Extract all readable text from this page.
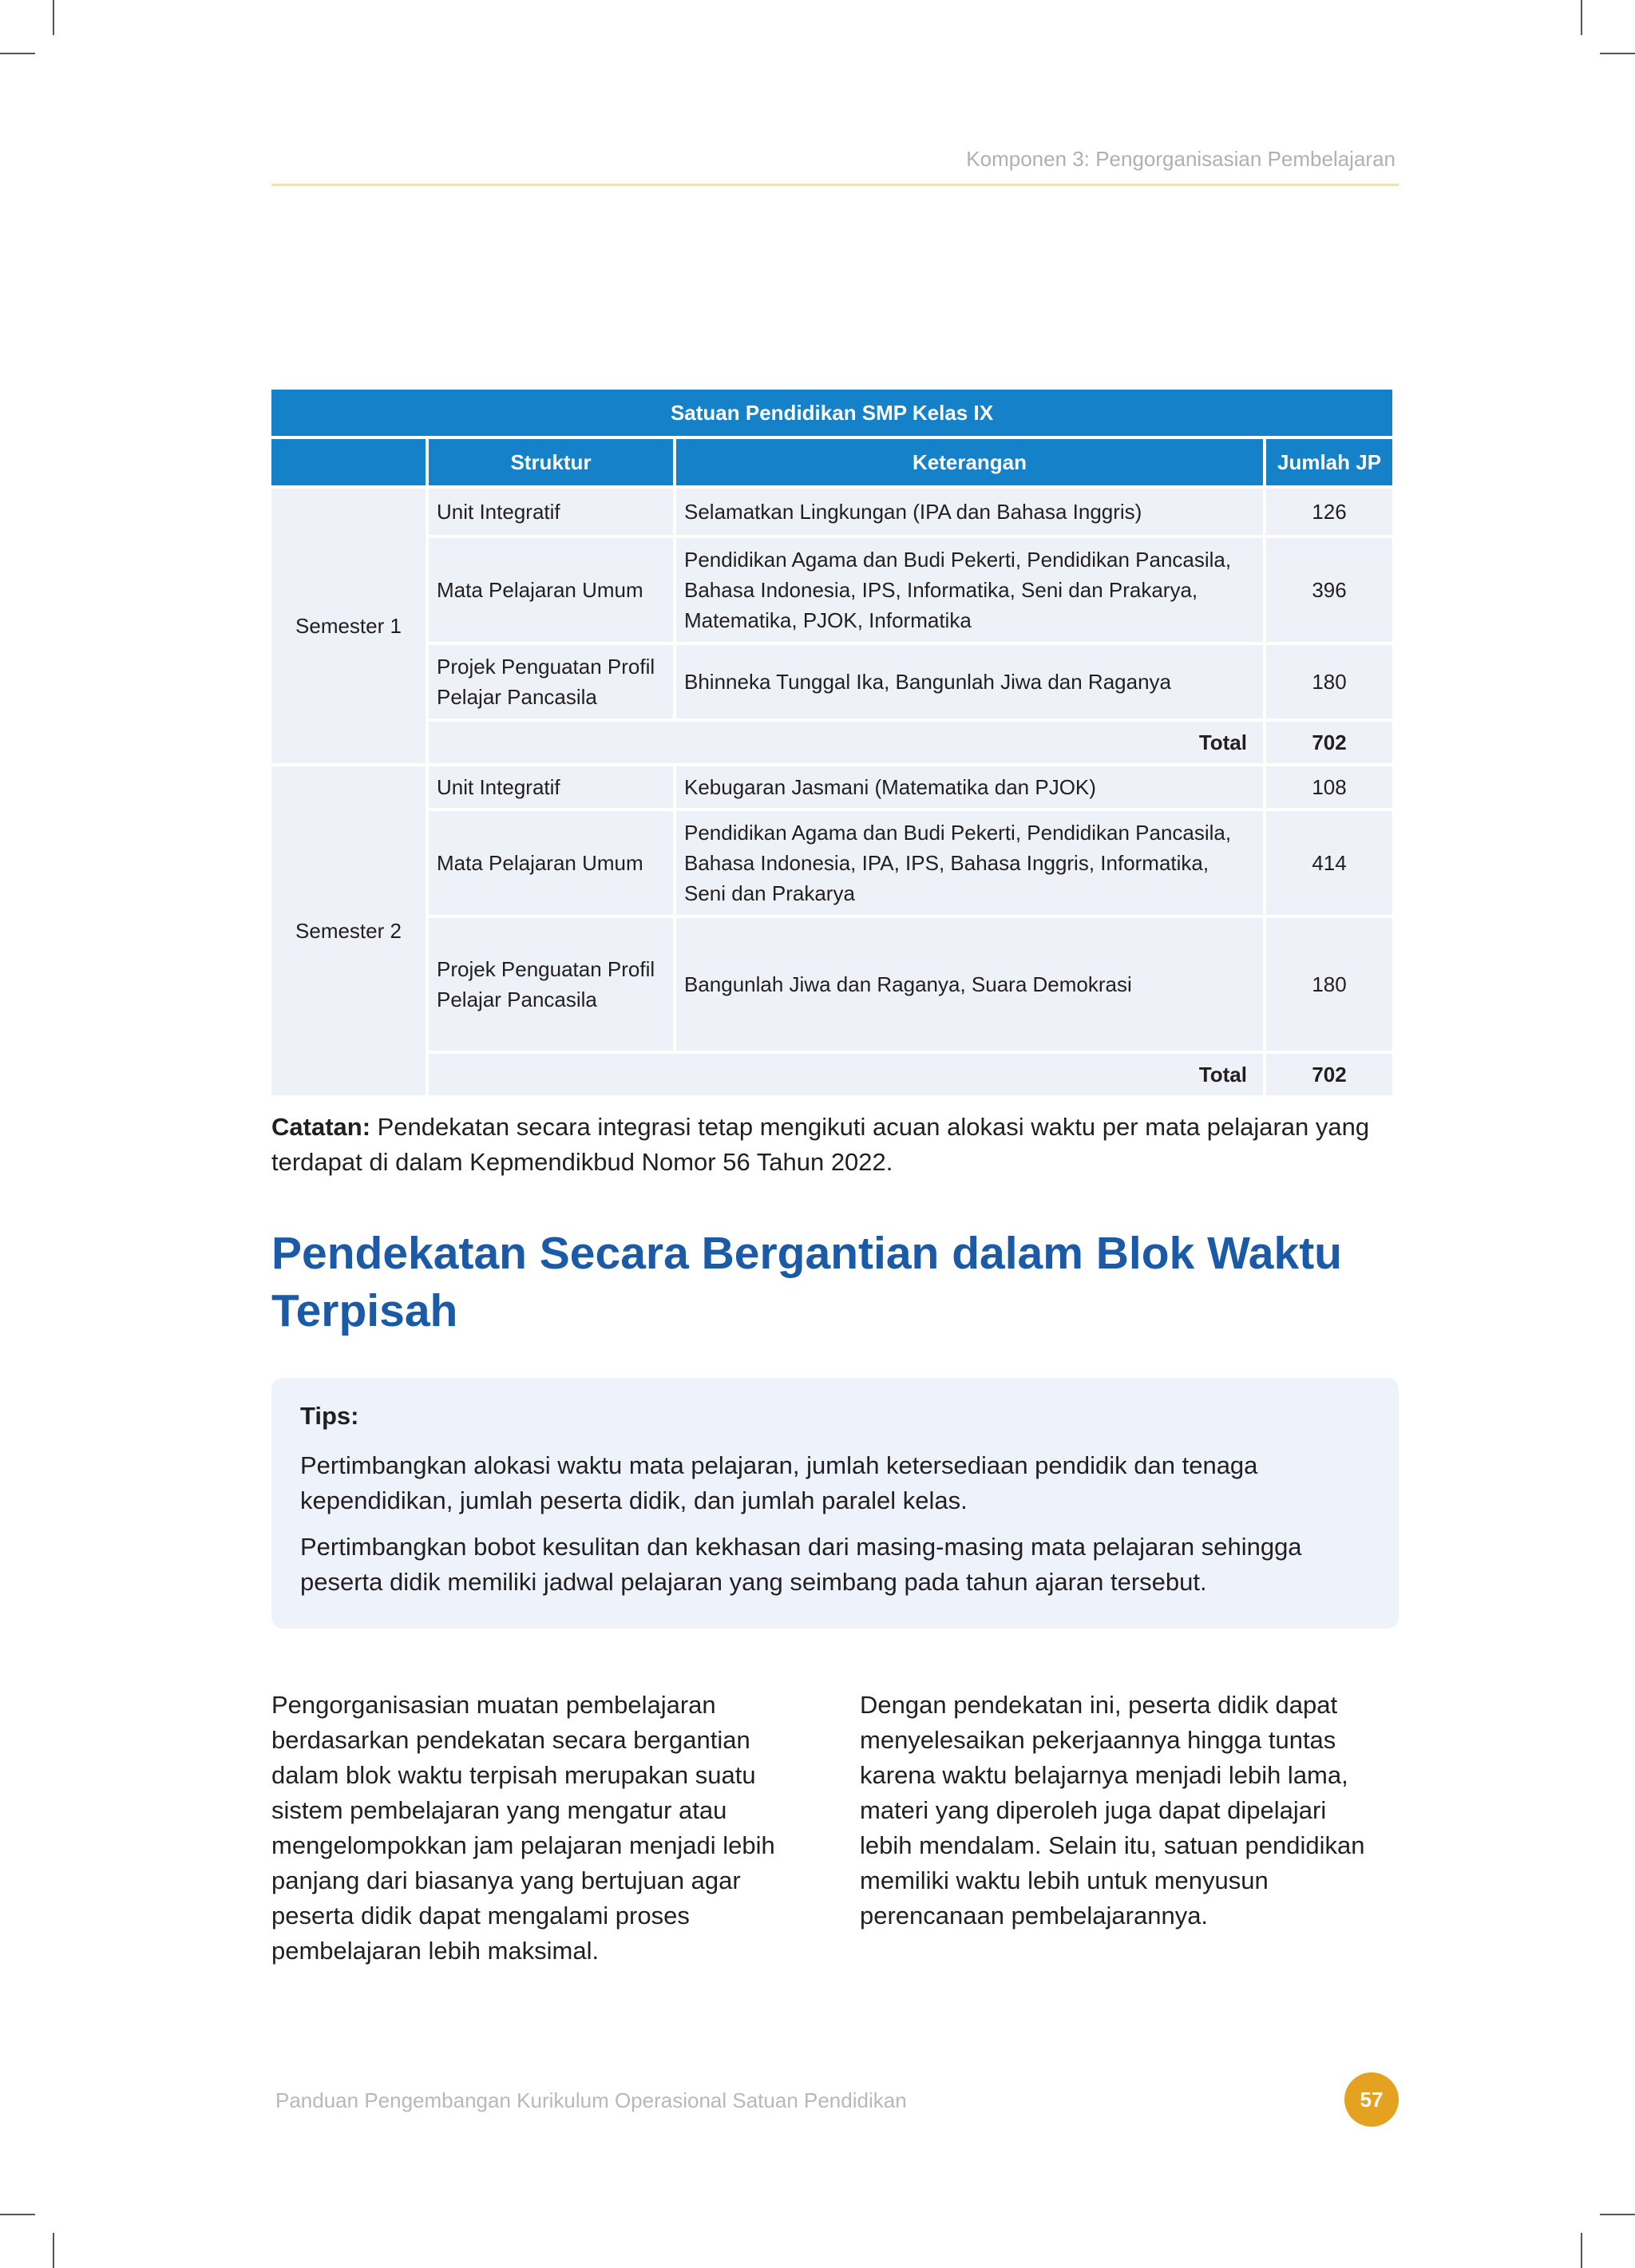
Komponen 3: Pengorganisasian Pembelajaran
Satuan Pendidikan SMP Kelas IX			
	Struktur	Keterangan	Jumlah JP
Semester 1	Unit Integratif	Selamatkan Lingkungan (IPA dan Bahasa Inggris)	126
	Mata Pelajaran Umum	Pendidikan Agama dan Budi Pekerti, Pendidikan Pancasila, Bahasa Indonesia, IPS, Informatika, Seni dan Prakarya, Matematika, PJOK, Informatika	396
	Projek Penguatan Profil Pelajar Pancasila	Bhinneka Tunggal Ika, Bangunlah Jiwa dan Raganya	180
	Total		702
Semester 2	Unit Integratif	Kebugaran Jasmani (Matematika dan PJOK)	108
	Mata Pelajaran Umum	Pendidikan Agama dan Budi Pekerti, Pendidikan Pancasila, Bahasa Indonesia, IPA, IPS, Bahasa Inggris, Informatika, Seni dan Prakarya	414
	Projek Penguatan Profil Pelajar Pancasila	Bangunlah Jiwa dan Raganya, Suara Demokrasi	180
	Total		702

Catatan: Pendekatan secara integrasi tetap mengikuti acuan alokasi waktu per mata pelajaran yang terdapat di dalam Kepmendikbud Nomor 56 Tahun 2022.

Pendekatan Secara Bergantian dalam Blok Waktu Terpisah
Tips:

Pertimbangkan alokasi waktu mata pelajaran, jumlah ketersediaan pendidik dan tenaga kependidikan, jumlah peserta didik, dan jumlah paralel kelas.

Pertimbangkan bobot kesulitan dan kekhasan dari masing-masing mata pelajaran sehingga peserta didik memiliki jadwal pelajaran yang seimbang pada tahun ajaran tersebut.

Pengorganisasian muatan pembelajaran berdasarkan pendekatan secara bergantian dalam blok waktu terpisah merupakan suatu sistem pembelajaran yang mengatur atau mengelompokkan jam pelajaran menjadi lebih panjang dari biasanya yang bertujuan agar peserta didik dapat mengalami proses pembelajaran lebih maksimal.

Dengan pendekatan ini, peserta didik dapat menyelesaikan pekerjaannya hingga tuntas karena waktu belajarnya menjadi lebih lama, materi yang diperoleh juga dapat dipelajari lebih mendalam. Selain itu, satuan pendidikan memiliki waktu lebih untuk menyusun perencanaan pembelajarannya.

Panduan Pengembangan Kurikulum Operasional Satuan Pendidikan	57
